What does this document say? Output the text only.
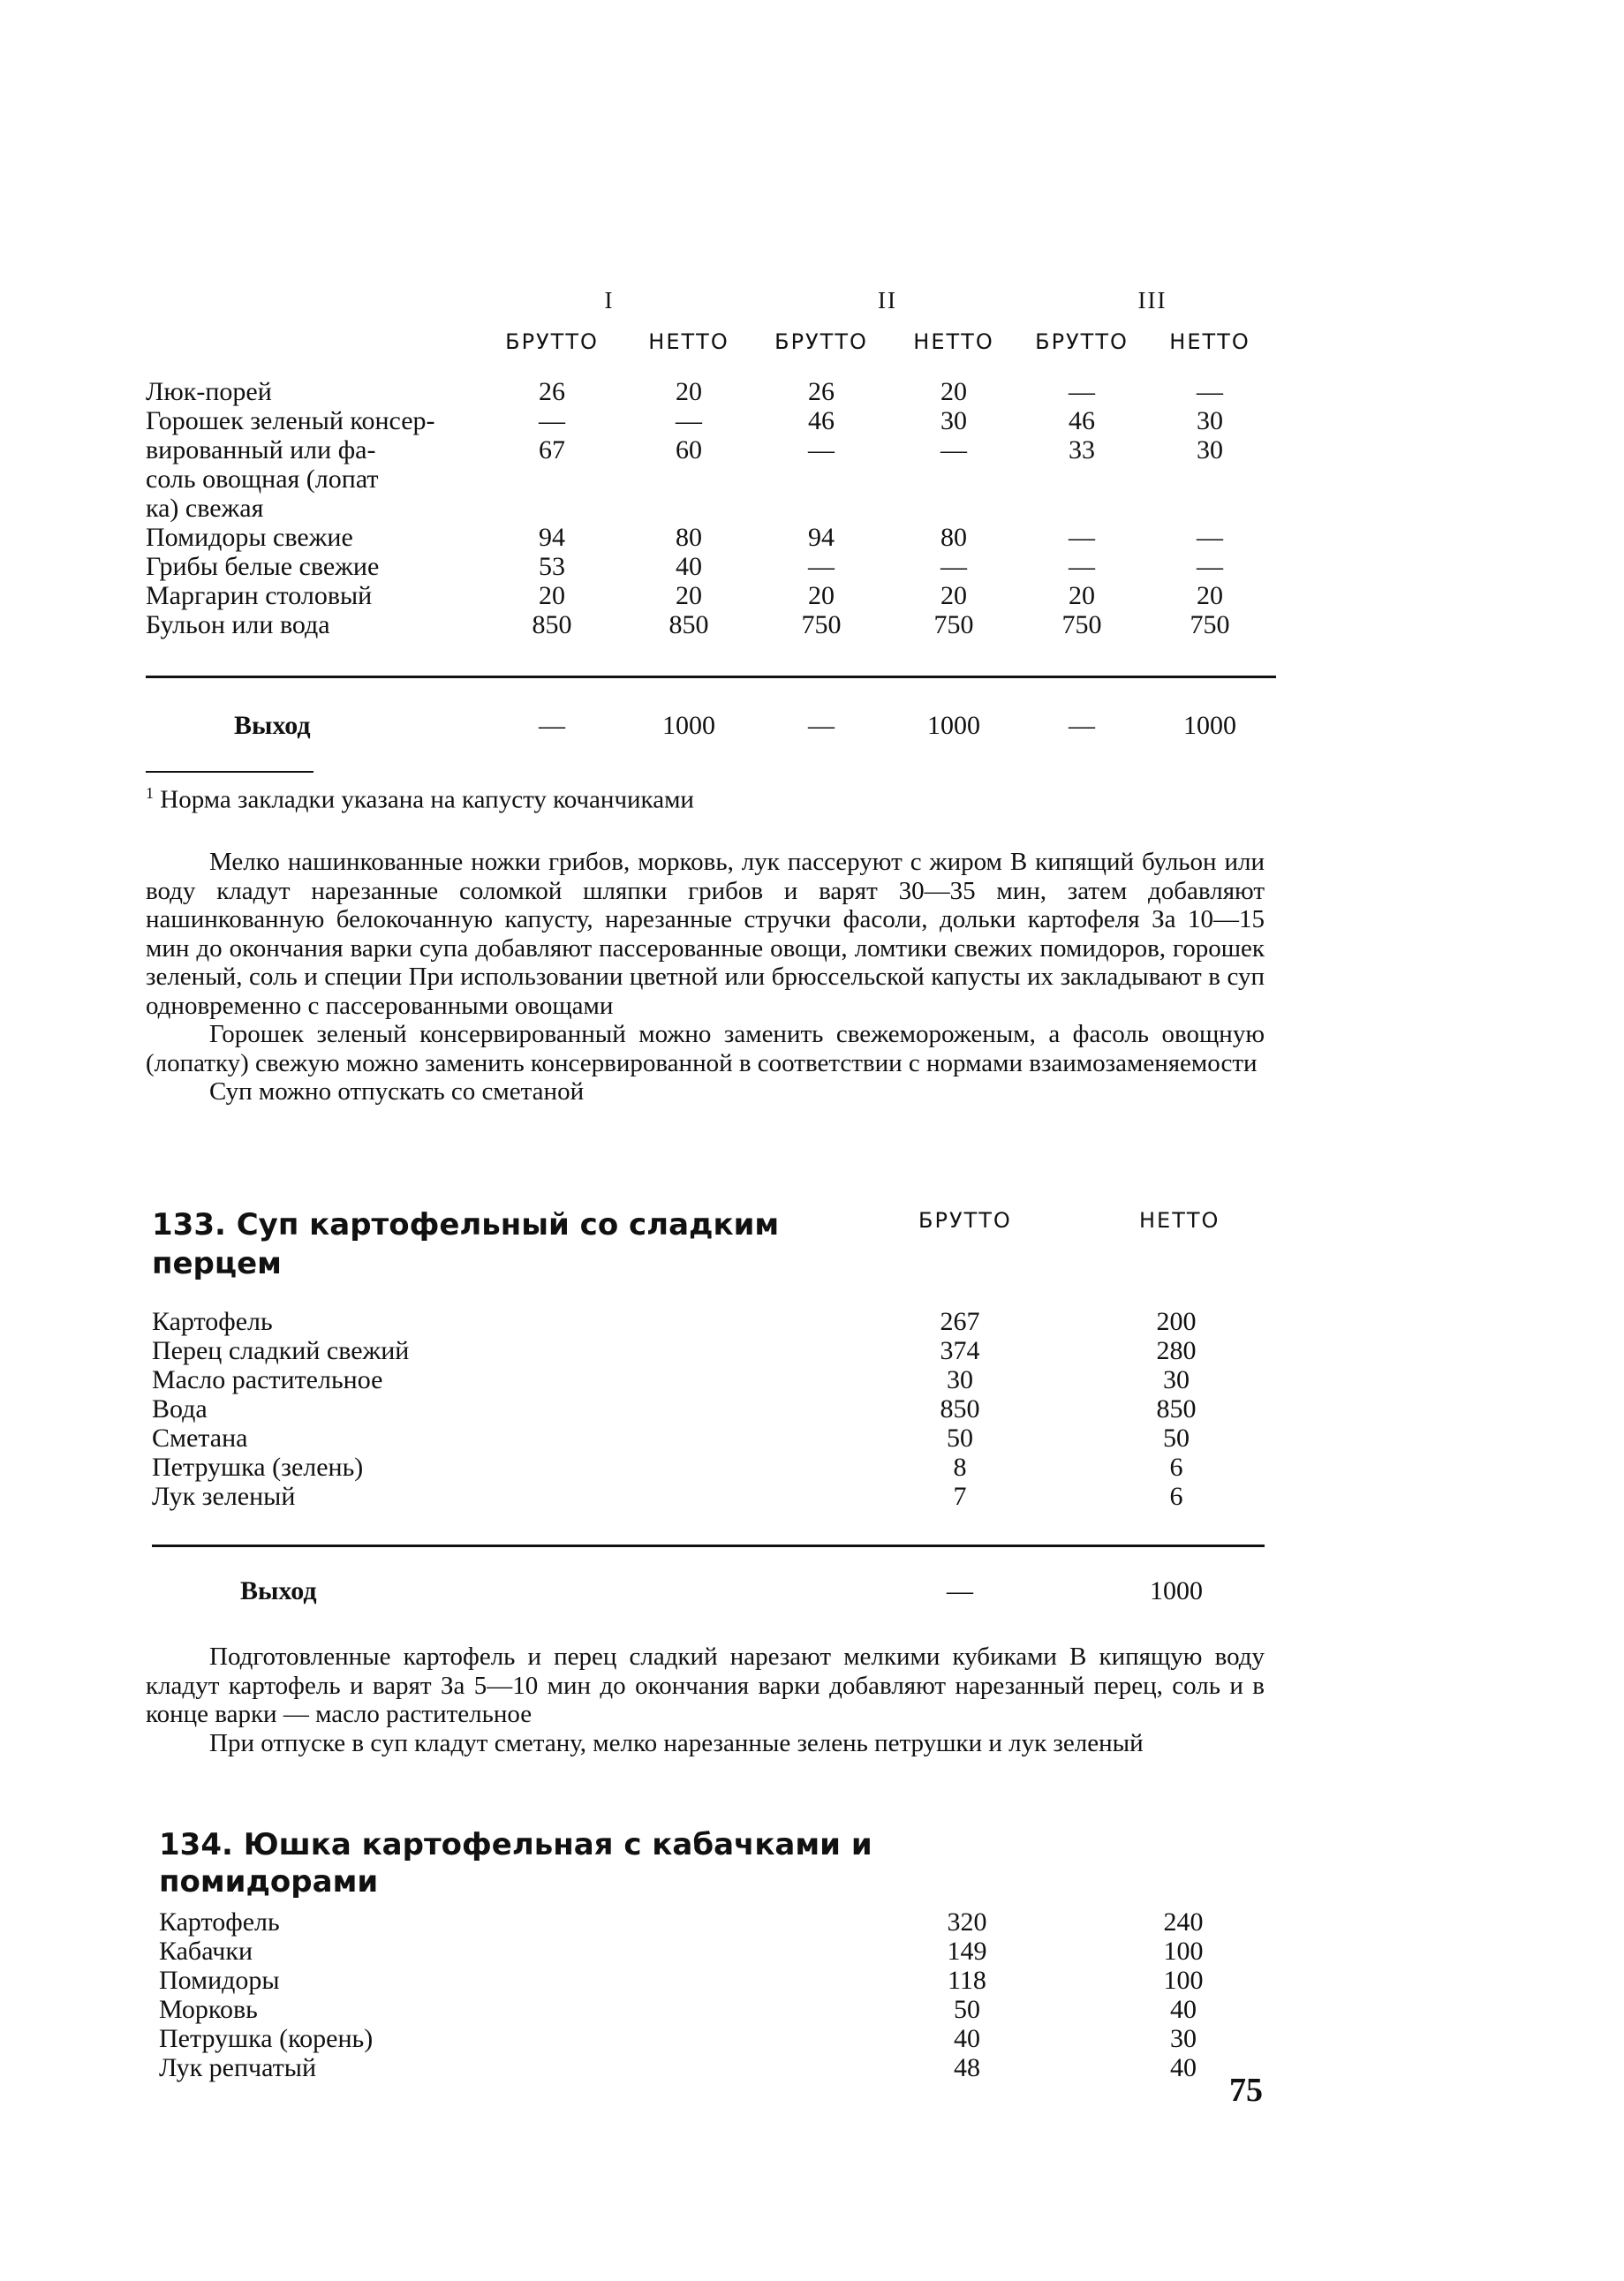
I	II	III
БРУТТО	НЕТТО	БРУТТО	НЕТТО	БРУТТО	НЕТТО
Люк-порей	26	20	26	20	—	—
Горошек зеленый консер-	—	—	46	30	46	30
вированный или фа-	67	60	—	—	33	30
соль овощная (лопат
ка) свежая
Помидоры свежие	94	80	94	80	—	—
Грибы белые свежие	53	40	—	—	—	—
Маргарин столовый	20	20	20	20	20	20
Бульон или вода	850	850	750	750	750	750
Выход	—	1000	—	1000	—	1000
$^1$ Норма закладки указана на капусту кочанчиками

Мелко нашинкованные ножки грибов, морковь, лук пассеруют с жиром В кипящий бульон или воду кладут нарезанные соломкой шляпки грибов и варят 30—35 мин, затем добавляют нашинкованную белокочанную капусту, нарезанные стручки фасоли, дольки картофеля За 10—15 мин до окончания варки супа добавляют пассерованные овощи, ломтики свежих помидоров, горошек зеленый, соль и специи При использовании цветной или брюссельской капусты их закладывают в суп одновременно с пассерованными овощами

Горошек зеленый консервированный можно заменить свежемороженым, а фасоль овощную (лопатку) свежую можно заменить консервированной в соответствии с нормами взаимозаменяемости

Суп можно отпускать со сметаной

133. Суп картофельный со сладким перцем
БРУТТО	НЕТТО
Картофель	267	200
Перец сладкий свежий	374	280
Масло растительное	30	30
Вода	850	850
Сметана	50	50
Петрушка (зелень)	8	6
Лук зеленый	7	6
Выход	—	1000

Подготовленные картофель и перец сладкий нарезают мелкими кубиками В кипящую воду кладут картофель и варят За 5—10 мин до окончания варки добавляют нарезанный перец, соль и в конце варки — масло растительное

При отпуске в суп кладут сметану, мелко нарезанные зелень петрушки и лук зеленый

134. Юшка картофельная с кабачками и помидорами
Картофель	320	240
Кабачки	149	100
Помидоры	118	100
Морковь	50	40
Петрушка (корень)	40	30
Лук репчатый	48	40
75
